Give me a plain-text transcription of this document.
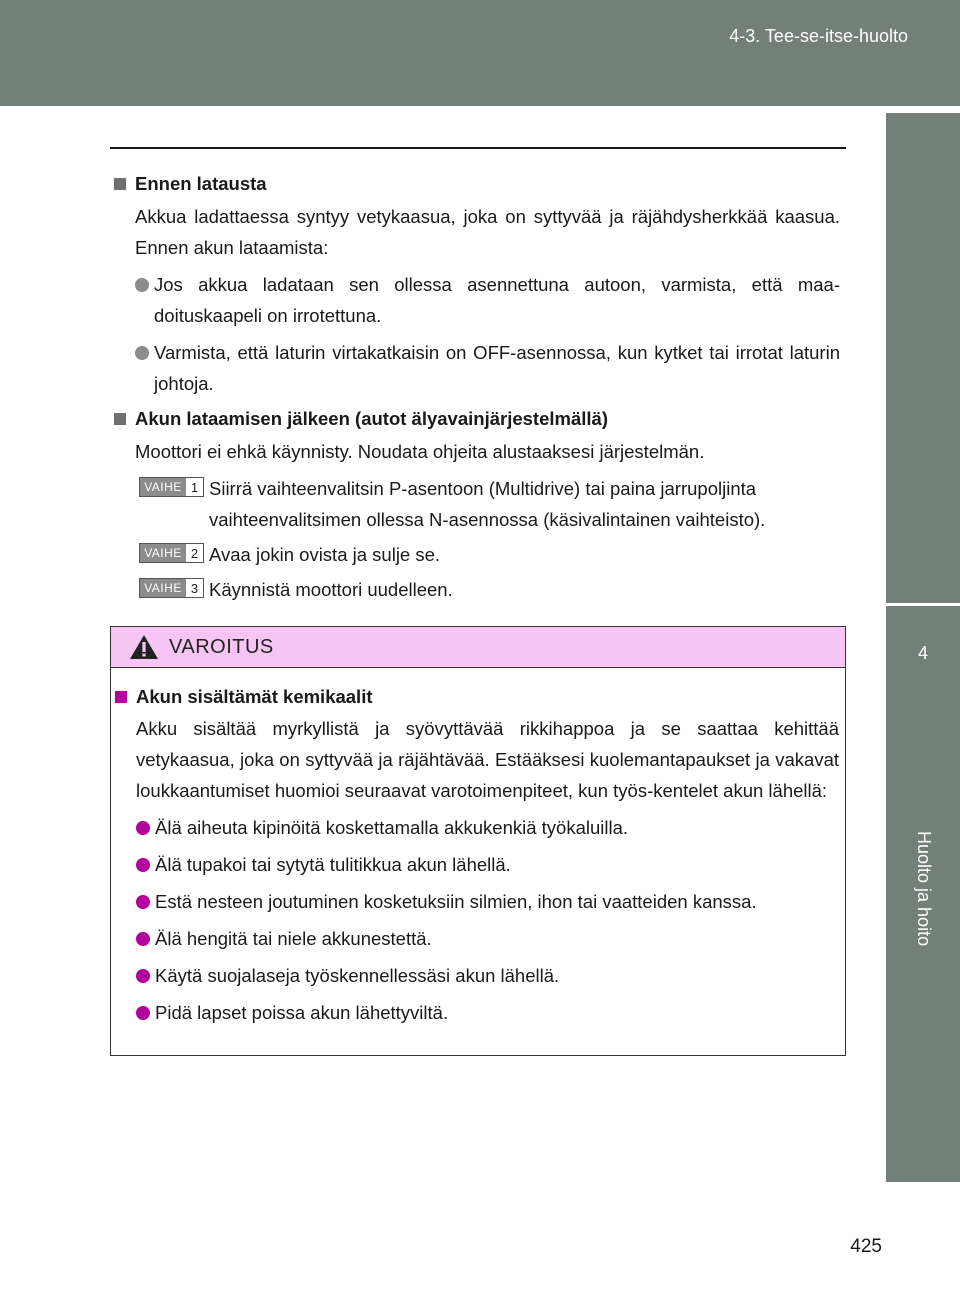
4-3. Tee-se-itse-huolto
4
Huolto ja hoito
Ennen latausta
Akkua ladattaessa syntyy vetykaasua, joka on syttyvää ja räjähdysherkkää kaasua. Ennen akun lataamista:
Jos akkua ladataan sen ollessa asennettuna autoon, varmista, että maa-doituskaapeli on irrotettuna.
Varmista, että laturin virtakatkaisin on OFF-asennossa, kun kytket tai irrotat laturin johtoja.
Akun lataamisen jälkeen (autot älyavainjärjestelmällä)
Moottori ei ehkä käynnisty. Noudata ohjeita alustaaksesi järjestelmän.
VAIHE 1 Siirrä vaihteenvalitsin P-asentoon (Multidrive) tai paina jarrupoljinta vaihteenvalitsimen ollessa N-asennossa (käsivalintainen vaihteisto).
VAIHE 2 Avaa jokin ovista ja sulje se.
VAIHE 3 Käynnistä moottori uudelleen.
VAROITUS
Akun sisältämät kemikaalit
Akku sisältää myrkyllistä ja syövyttävää rikkihappoa ja se saattaa kehittää vetykaasua, joka on syttyvää ja räjähtävää. Estääksesi kuolemantapaukset ja vakavat loukkaantumiset huomioi seuraavat varotoimenpiteet, kun työs-kentelet akun lähellä:
Älä aiheuta kipinöitä koskettamalla akkukenkiä työkaluilla.
Älä tupakoi tai sytytä tulitikkua akun lähellä.
Estä nesteen joutuminen kosketuksiin silmien, ihon tai vaatteiden kanssa.
Älä hengitä tai niele akkunestettä.
Käytä suojalaseja työskennellessäsi akun lähellä.
Pidä lapset poissa akun lähettyviltä.
425
